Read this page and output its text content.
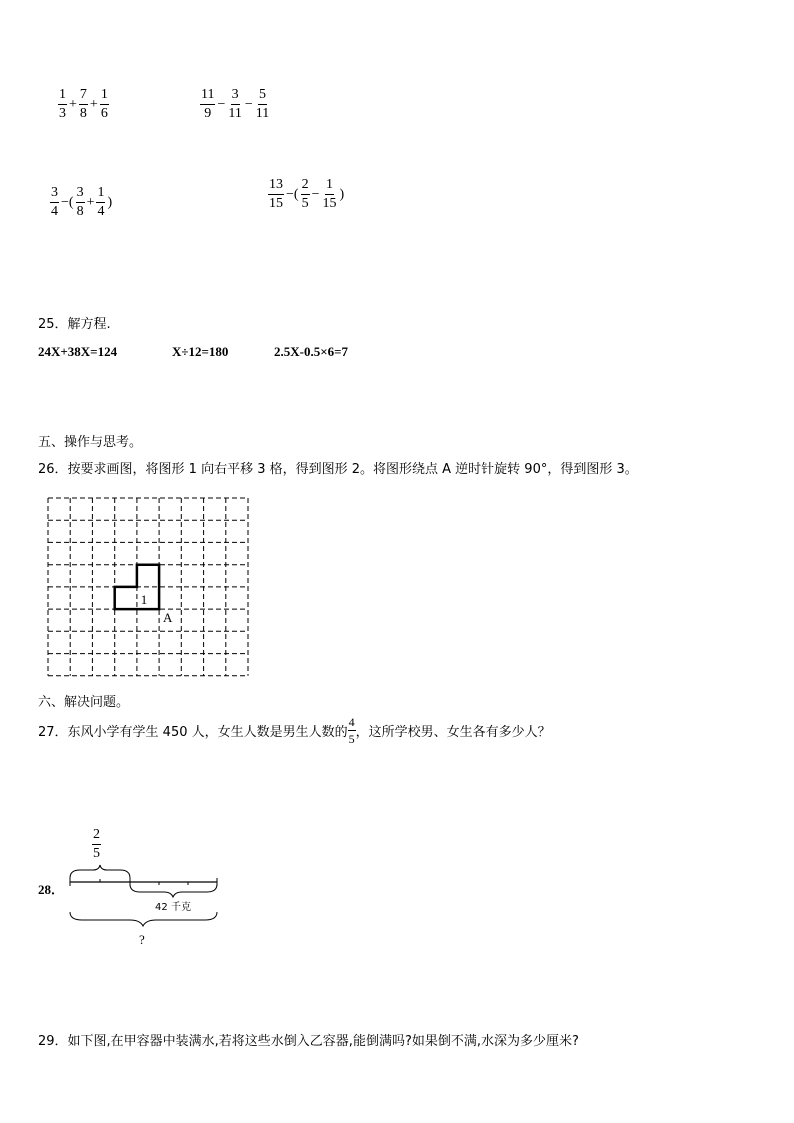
$\frac{1}{3} + \frac{7}{8} + \frac{1}{6}$	$\frac{11}{9} - \frac{3}{11} - \frac{5}{11}$
$\frac{3}{4}$ −( $\frac{3}{8} + \frac{1}{4}$ )	$\frac{13}{15}$ −( $\frac{2}{5} - \frac{1}{15}$ )
25．解方程.
24X+38X=124	X÷12=180	2.5X-0.5×6=7
五、操作与思考。
26．按要求画图，将图形 1 向右平移 3 格，得到图形 2。将图形绕点 A 逆时针旋转 90°，得到图形 3。
1
A
六、解决问题。
27．东风小学有学生 450 人，女生人数是男生人数的 $\frac{4}{5}$ ，这所学校男、女生各有多少人？
28．
$\frac{2}{5}$
42 千克
?
29．如下图,在甲容器中装满水,若将这些水倒入乙容器,能倒满吗?如果倒不满,水深为多少厘米?
